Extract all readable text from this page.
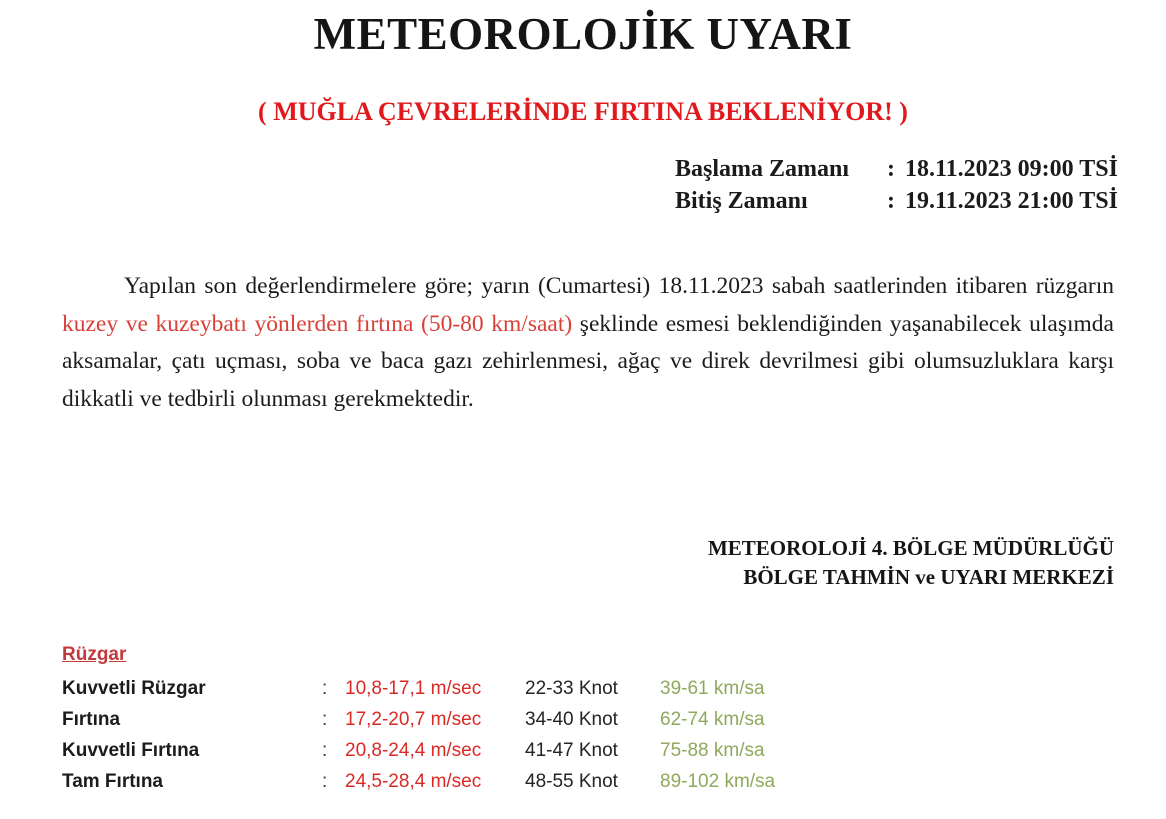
METEOROLOJİK UYARI
( MUĞLA ÇEVRELERİNDE FIRTINA BEKLENİYOR! )
Başlama Zamanı	: 18.11.2023 09:00 TSİ
Bitiş Zamanı	: 19.11.2023 21:00 TSİ
Yapılan son değerlendirmelere göre; yarın (Cumartesi) 18.11.2023 sabah saatlerinden itibaren rüzgarın kuzey ve kuzeybatı yönlerden fırtına (50-80 km/saat) şeklinde esmesi beklendiğinden yaşanabilecek ulaşımda aksamalar, çatı uçması, soba ve baca gazı zehirlenmesi, ağaç ve direk devrilmesi gibi olumsuzluklara karşı dikkatli ve tedbirli olunması gerekmektedir.
METEOROLOJİ 4. BÖLGE MÜDÜRLÜĞÜ
BÖLGE TAHMİN ve UYARI MERKEZİ
Rüzgar
Kuvvetli Rüzgar	: 10,8-17,1 m/sec	22-33 Knot	39-61 km/sa
Fırtına	: 17,2-20,7 m/sec	34-40 Knot	62-74 km/sa
Kuvvetli Fırtına	: 20,8-24,4 m/sec	41-47 Knot	75-88 km/sa
Tam Fırtına	: 24,5-28,4 m/sec	48-55 Knot	89-102 km/sa
